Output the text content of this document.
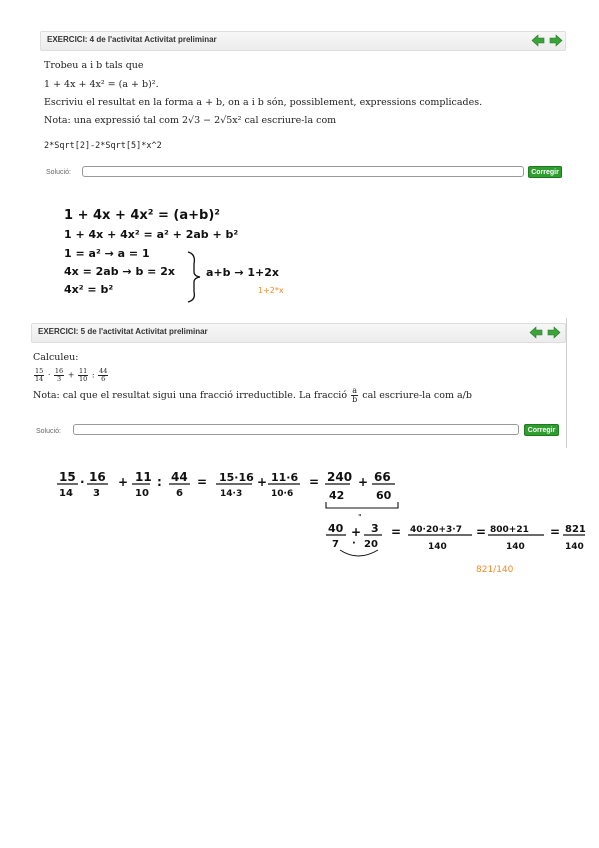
EXERCICI: 4 de l'activitat Activitat preliminar
Trobeu a i b tals que
1 + 4x + 4x² = (a + b)².
Escriviu el resultat en la forma a + b, on a i b són, possiblement, expressions complicades.
Nota: una expressió tal com 2√3 − 2√5x² cal escriure-la com
2*Sqrt[2]-2*Sqrt[5]*x^2
Solució:	Corregir
1 + 4x + 4x² = (a+b)²
1 + 4x + 4x² = a² + 2ab + b²
1 = a² → a = 1
4x = 2ab → b = 2x
4x² = b²
a+b → 1+2x
1+2*x
EXERCICI: 5 de l'activitat Activitat preliminar
Calculeu:
$\frac{15}{14} \cdot \frac{16}{3} + \frac{11}{10}$ : $\frac{44}{6}$
Nota: cal que el resultat sigui una fracció irreductible. La fracció $\frac{a}{b}$ cal escriure-la com a/b
Solució:	Corregir
15
14
· 16
3
+ 11
10
: 44
6
= 15·16
14·3
+ 11·6
10·6
= 240
42
+ 66
60
"
40
7
+ 3
20
·
= 40·20+3·7
140
= 800+21
140
= 821
140
821/140
